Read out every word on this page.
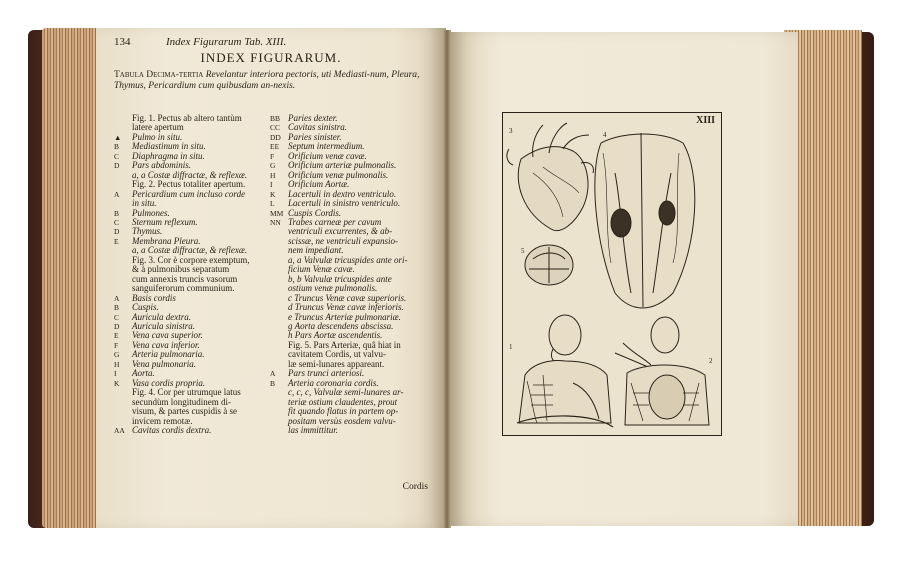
134	Index Figurarum Tab. XIII.
INDEX FIGURARUM.
Tabula Decima-tertia Revelantur interiora pectoris, uti Mediasti-num, Pleura, Thymus, Pericardium cum quibusdam an-nexis.
Fig. 1. Pectus ab altero tantùm
latere apertum
▲ Pulmo in situ.
B Mediastinum in situ.
C Diaphragma in situ.
D Pars abdominis.
a, a Costæ diffractæ, & reflexæ.
Fig. 2. Pectus totaliter apertum.
A Pericardium cum incluso corde
in situ.
B Pulmones.
C Sternum reflexum.
D Thymus.
E Membrana Pleura.
a, a Costæ diffractæ, & reflexæ.
Fig. 3. Cor è corpore exemptum,
& à pulmonibus separatum
cum annexis truncis vasorum
sanguiferorum communium.
A Basis cordis
B Cuspis.
C Auricula dextra.
D Auricula sinistra.
E Vena cava superior.
F Vena cava inferior.
G Arteria pulmonaria.
H Vena pulmonaria.
I Aorta.
K Vasa cordis propria.
Fig. 4. Cor per utrumque latus
secundùm longitudinem di-
visum, & partes cuspidis à se
invicem remotæ.
AA Cavitas cordis dextra.
BB Paries dexter.
CC Cavitas sinistra.
DD Paries sinister.
EE Septum intermedium.
F Orificium venæ cavæ.
G Orificium arteriæ pulmonalis.
H Orificium venæ pulmonalis.
I Orificium Aortæ.
K Lacertuli in dextro ventriculo.
L Lacertuli in sinistro ventriculo.
MM Cuspis Cordis.
NN Trabes carneæ per cavum
ventriculi excurrentes, & ab-
scissæ, ne ventriculi expansio-
nem impediant.
a, a Valvulæ tricuspides ante ori-
ficium Venæ cavæ.
b, b Valvulæ tricuspides ante
ostium venæ pulmonalis.
c Truncus Venæ cavæ superioris.
d Truncus Venæ cavæ inferioris.
e Truncus Arteriæ pulmonariæ.
g Aorta descendens abscissa.
h Pars Aortæ ascendentis.
Fig. 5. Pars Arteriæ, quâ hiat in
cavitatem Cordis, ut valvu-
læ semi-lunares appareant.
A Pars trunci arteriosi.
B Arteria coronaria cordis.
c, c, c, Valvulæ semi-lunares ar-
teriæ ostium claudentes, prout
fit quando flatus in partem op-
positam versùs eosdem valvu-
las immittitur.
Cordis
XIII
1
2
3	4
5
